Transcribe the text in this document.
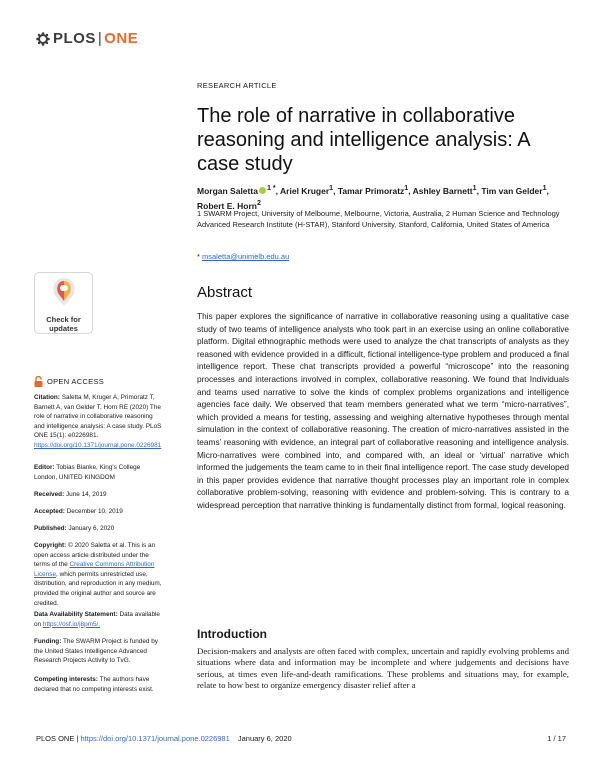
PLOS | ONE
RESEARCH ARTICLE
The role of narrative in collaborative reasoning and intelligence analysis: A case study
Morgan Saletta $^{1 *}$, Ariel Kruger$^1$, Tamar Primoratz$^1$, Ashley Barnett$^1$, Tim van Gelder$^1$, Robert E. Horn$^2$
1 SWARM Project, University of Melbourne, Melbourne, Victoria, Australia, 2 Human Science and Technology Advanced Research Institute (H-STAR), Stanford University, Stanford, California, United States of America
* msaletta@unimelb.edu.au
Abstract
This paper explores the significance of narrative in collaborative reasoning using a qualitative case study of two teams of intelligence analysts who took part in an exercise using an online collaborative platform. Digital ethnographic methods were used to analyze the chat transcripts of analysts as they reasoned with evidence provided in a difficult, fictional intelligence-type problem and produced a final intelligence report. These chat transcripts provided a powerful “microscope” into the reasoning processes and interactions involved in complex, collaborative reasoning. We found that Individuals and teams used narrative to solve the kinds of complex problems organizations and intelligence agencies face daily. We observed that team members generated what we term “micro-narratives”, which provided a means for testing, assessing and weighing alternative hypotheses through mental simulation in the context of collaborative reasoning. The creation of micro-narratives assisted in the teams’ reasoning with evidence, an integral part of collaborative reasoning and intelligence analysis. Micro-narratives were combined into, and compared with, an ideal or ‘virtual’ narrative which informed the judgements the team came to in their final intelligence report. The case study developed in this paper provides evidence that narrative thought processes play an important role in complex collaborative problem-solving, reasoning with evidence and problem-solving. This is contrary to a widespread perception that narrative thinking is fundamentally distinct from formal, logical reasoning.
Introduction
Decision-makers and analysts are often faced with complex, uncertain and rapidly evolving problems and situations where data and information may be incomplete and where judgements and decisions have serious, at times even life-and-death ramifications. These problems and situations may, for example, relate to how best to organize emergency disaster relief after a
Check for updates
OPEN ACCESS
Citation: Saletta M, Kruger A, Primoratz T, Barnett A, van Gelder T, Horn RE (2020) The role of narrative in collaborative reasoning and intelligence analysis: A case study. PLoS ONE 15(1): e0226981. https://doi.org/10.1371/journal.pone.0226981
Editor: Tobias Blanke, King's College London, UNITED KINGDOM
Received: June 14, 2019
Accepted: December 10, 2019
Published: January 6, 2020
Copyright: © 2020 Saletta et al. This is an open access article distributed under the terms of the Creative Commons Attribution License, which permits unrestricted use, distribution, and reproduction in any medium, provided the original author and source are credited.
Data Availability Statement: Data available on https://osf.io/j8pm5/.
Funding: The SWARM Project is funded by the United States Intelligence Advanced Research Projects Activity to TvG.
Competing interests: The authors have declared that no competing interests exist.
PLOS ONE | https://doi.org/10.1371/journal.pone.0226981 January 6, 2020	1 / 17
